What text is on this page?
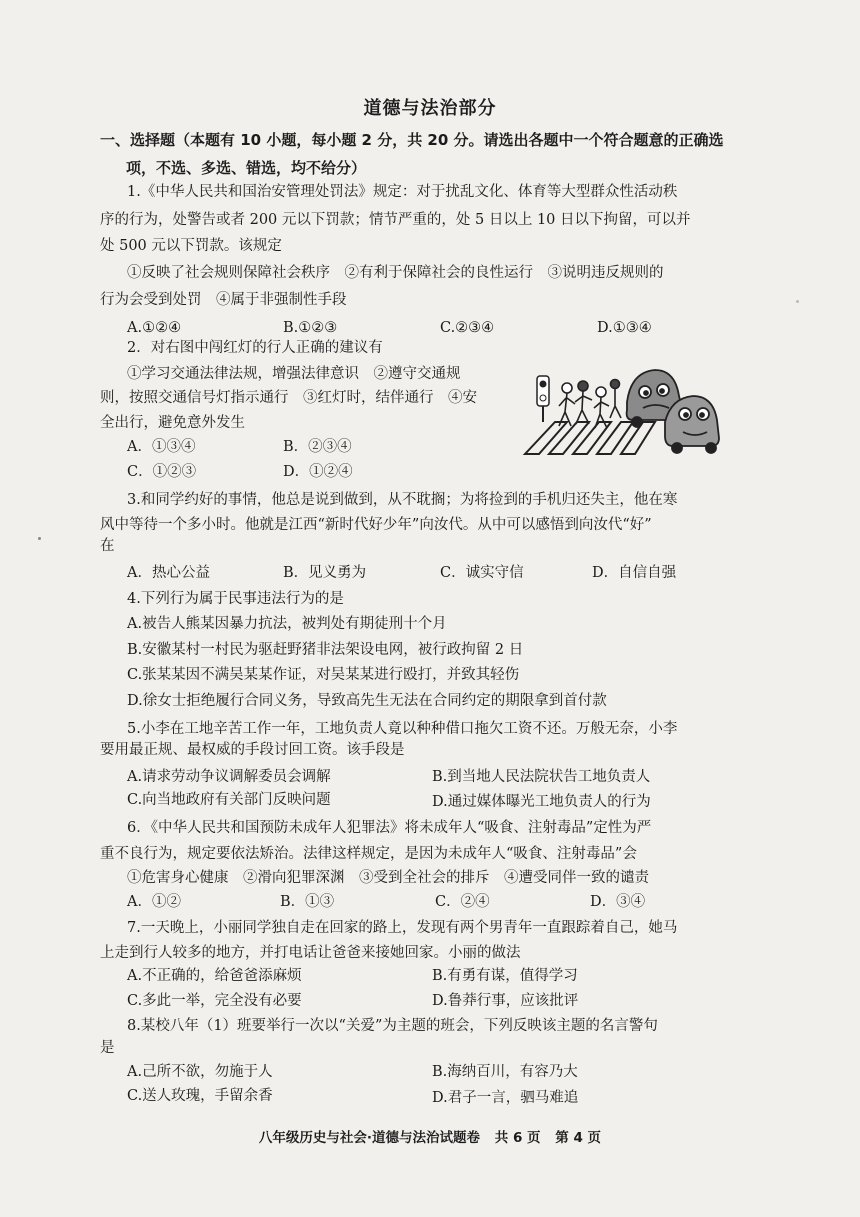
道德与法治部分
一、选择题（本题有 10 小题，每小题 2 分，共 20 分。请选出各题中一个符合题意的正确选
项，不选、多选、错选，均不给分）
1.《中华人民共和国治安管理处罚法》规定：对于扰乱文化、体育等大型群众性活动秩
序的行为，处警告或者 200 元以下罚款；情节严重的，处 5 日以上 10 日以下拘留，可以并
处 500 元以下罚款。该规定
①反映了社会规则保障社会秩序　②有利于保障社会的良性运行　③说明违反规则的
行为会受到处罚　④属于非强制性手段
A.①②④	B.①②③	C.②③④	D.①③④
2．对右图中闯红灯的行人正确的建议有
①学习交通法律法规，增强法律意识　②遵守交通规
则，按照交通信号灯指示通行　③红灯时，结伴通行　④安
全出行，避免意外发生
A．①③④	B．②③④
C．①②③	D．①②④
3.和同学约好的事情，他总是说到做到，从不耽搁；为将捡到的手机归还失主，他在寒
风中等待一个多小时。他就是江西“新时代好少年”向汝代。从中可以感悟到向汝代“好”
在
A．热心公益	B．见义勇为	C．诚实守信	D．自信自强
4.下列行为属于民事违法行为的是
A.被告人熊某因暴力抗法，被判处有期徒刑十个月
B.安徽某村一村民为驱赶野猪非法架设电网，被行政拘留 2 日
C.张某某因不满吴某某作证，对吴某某进行殴打，并致其轻伤
D.徐女士拒绝履行合同义务，导致高先生无法在合同约定的期限拿到首付款
5.小李在工地辛苦工作一年，工地负责人竟以种种借口拖欠工资不还。万般无奈，小李
要用最正规、最权威的手段讨回工资。该手段是
A.请求劳动争议调解委员会调解	B.到当地人民法院状告工地负责人
C.向当地政府有关部门反映问题	D.通过媒体曝光工地负责人的行为
6．《中华人民共和国预防未成年人犯罪法》将未成年人“吸食、注射毒品”定性为严
重不良行为，规定要依法矫治。法律这样规定，是因为未成年人“吸食、注射毒品”会
①危害身心健康　②滑向犯罪深渊　③受到全社会的排斥　④遭受同伴一致的谴责
A．①②	B．①③	C．②④	D．③④
7.一天晚上，小丽同学独自走在回家的路上，发现有两个男青年一直跟踪着自己，她马
上走到行人较多的地方，并打电话让爸爸来接她回家。小丽的做法
A.不正确的，给爸爸添麻烦	B.有勇有谋，值得学习
C.多此一举，完全没有必要	D.鲁莽行事，应该批评
8.某校八年（1）班要举行一次以“关爱”为主题的班会，下列反映该主题的名言警句
是
A.己所不欲，勿施于人	B.海纳百川，有容乃大
C.送人玫瑰，手留余香	D.君子一言，驷马难追
八年级历史与社会·道德与法治试题卷 共 6 页 第 4 页
